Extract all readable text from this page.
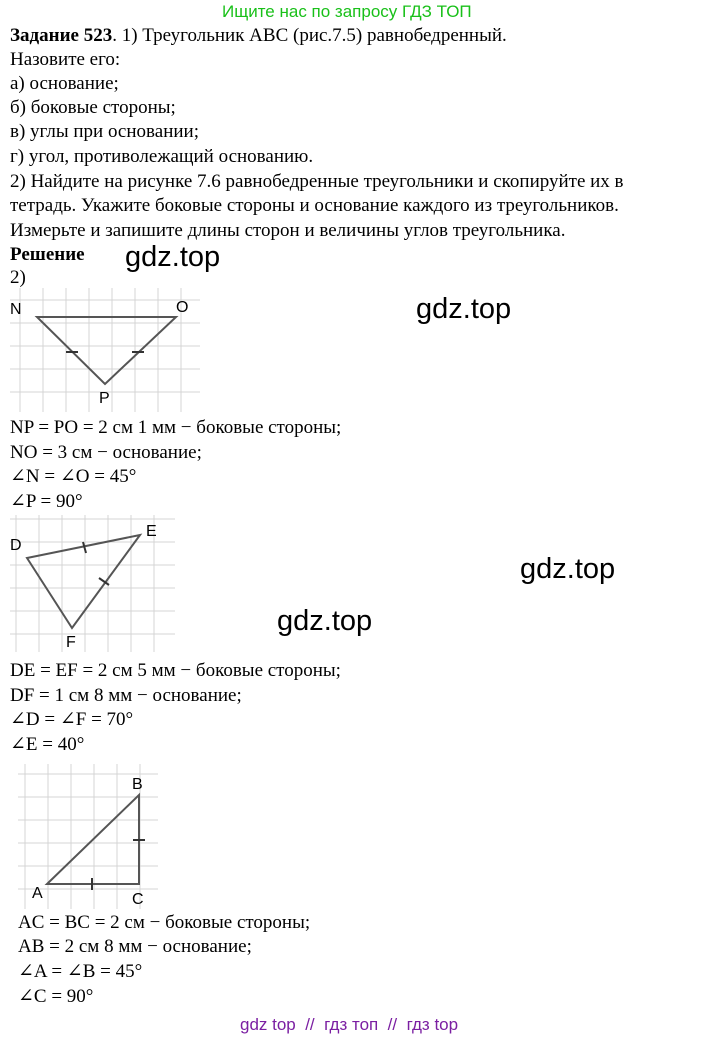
Ищите нас по запросу ГДЗ ТОП
Задание 523. 1) Треугольник ABC (рис.7.5) равнобедренный.
Назовите его:
а) основание;
б) боковые стороны;
в) углы при основании;
г) угол, противолежащий основанию.
2) Найдите на рисунке 7.6 равнобедренные треугольники и скопируйте их в
тетрадь. Укажите боковые стороны и основание каждого из треугольников.
Измерьте и запишите длины сторон и величины углов треугольника.
Решение
2)
N	O
P
NP = PO = 2 см 1 мм − боковые стороны;
NO = 3 см − основание;
∠N = ∠O = 45°
∠P = 90°
D
E
F
DE = EF = 2 см 5 мм − боковые стороны;
DF = 1 см 8 мм − основание;
∠D = ∠F = 70°
∠E = 40°
A
B
C
AC = BC = 2 см − боковые стороны;
AB = 2 см 8 мм − основание;
∠A = ∠B = 45°
∠C = 90°
gdz.top
gdz.top
gdz.top
gdz.top
gdz top  //  гдз топ  //  гдз top
